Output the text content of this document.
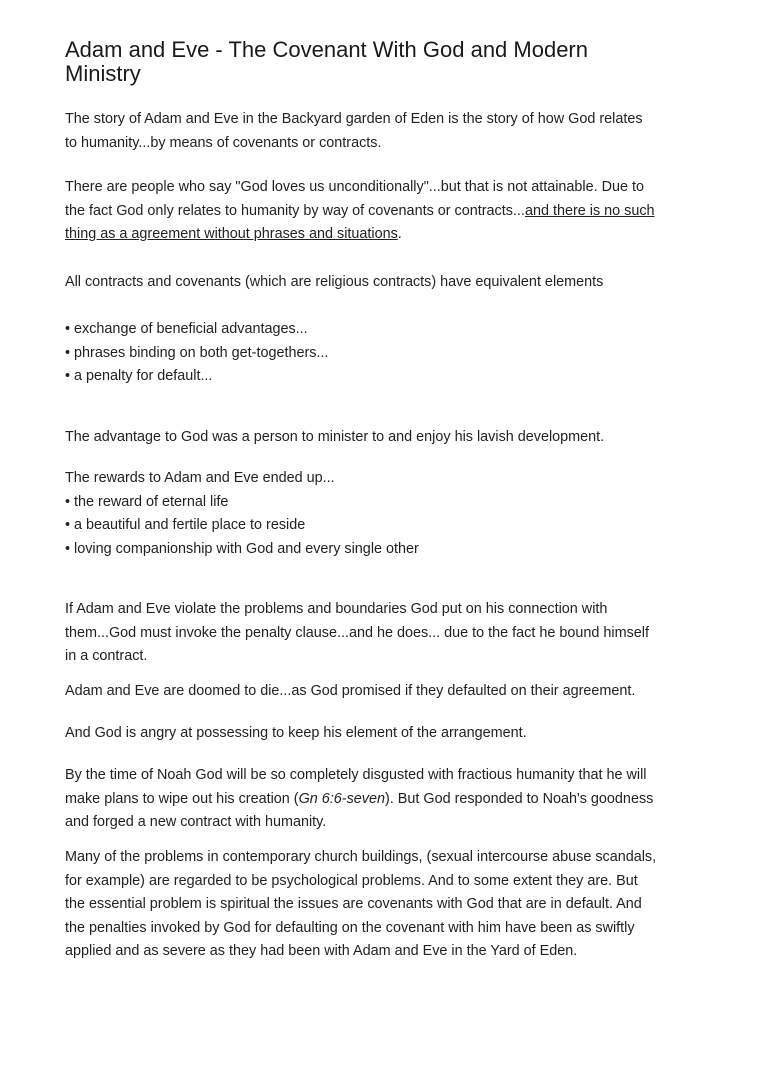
Adam and Eve - The Covenant With God and Modern
Ministry

The story of Adam and Eve in the Backyard garden of Eden is the story of how God relates
to humanity...by means of covenants or contracts.

There are people who say "God loves us unconditionally"...but that is not attainable. Due to
the fact God only relates to humanity by way of covenants or contracts...and there is no such
thing as a agreement without phrases and situations.

All contracts and covenants (which are religious contracts) have equivalent elements

• exchange of beneficial advantages...
• phrases binding on both get-togethers...
• a penalty for default...

The advantage to God was a person to minister to and enjoy his lavish development.

The rewards to Adam and Eve ended up...
• the reward of eternal life
• a beautiful and fertile place to reside
• loving companionship with God and every single other

If Adam and Eve violate the problems and boundaries God put on his connection with
them...God must invoke the penalty clause...and he does... due to the fact he bound himself
in a contract.

Adam and Eve are doomed to die...as God promised if they defaulted on their agreement.

And God is angry at possessing to keep his element of the arrangement.

By the time of Noah God will be so completely disgusted with fractious humanity that he will
make plans to wipe out his creation (Gn 6:6-seven). But God responded to Noah's goodness
and forged a new contract with humanity.

Many of the problems in contemporary church buildings, (sexual intercourse abuse scandals,
for example) are regarded to be psychological problems. And to some extent they are. But
the essential problem is spiritual the issues are covenants with God that are in default. And
the penalties invoked by God for defaulting on the covenant with him have been as swiftly
applied and as severe as they had been with Adam and Eve in the Yard of Eden.
